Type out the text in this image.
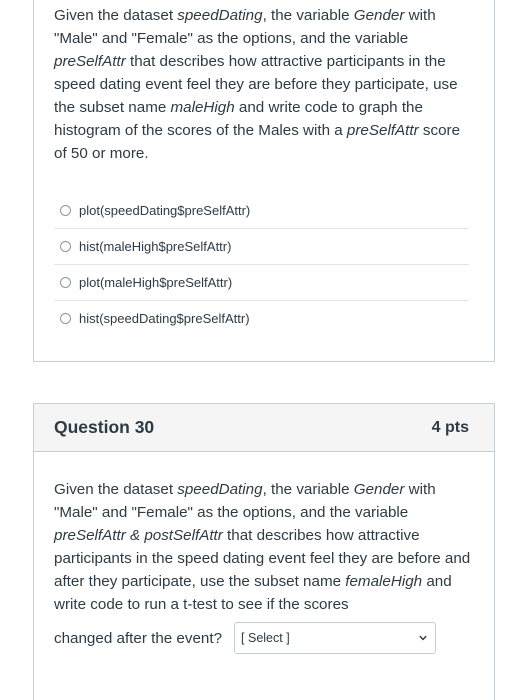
Given the dataset speedDating, the variable Gender with "Male" and "Female" as the options, and the variable preSelfAttr that describes how attractive participants in the speed dating event feel they are before they participate, use the subset name maleHigh and write code to graph the histogram of the scores of the Males with a preSelfAttr score of 50 or more.
plot(speedDating$preSelfAttr)
hist(maleHigh$preSelfAttr)
plot(maleHigh$preSelfAttr)
hist(speedDating$preSelfAttr)
Question 30	4 pts
Given the dataset speedDating, the variable Gender with "Male" and "Female" as the options, and the variable preSelfAttr & postSelfAttr that describes how attractive participants in the speed dating event feel they are before and after they participate, use the subset name femaleHigh and write code to run a t-test to see if the scores
changed after the event? [ Select ]
